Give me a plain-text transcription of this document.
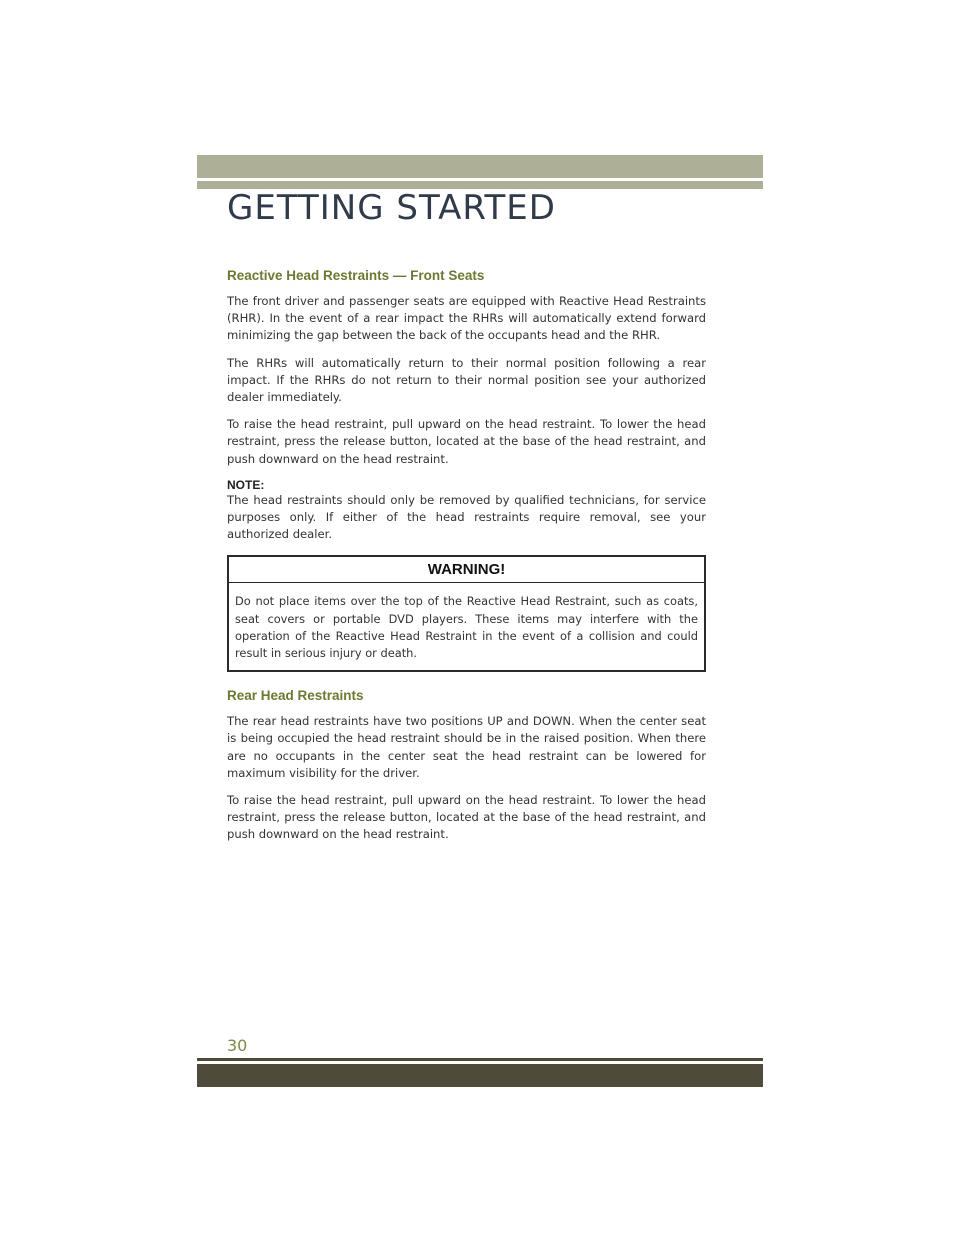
GETTING STARTED
Reactive Head Restraints — Front Seats

The front driver and passenger seats are equipped with Reactive Head Restraints (RHR). In the event of a rear impact the RHRs will automatically extend forward minimizing the gap between the back of the occupants head and the RHR.

The RHRs will automatically return to their normal position following a rear impact. If the RHRs do not return to their normal position see your authorized dealer immediately.

To raise the head restraint, pull upward on the head restraint. To lower the head restraint, press the release button, located at the base of the head restraint, and push downward on the head restraint.

NOTE:

The head restraints should only be removed by qualified technicians, for service purposes only. If either of the head restraints require removal, see your authorized dealer.

WARNING!

Do not place items over the top of the Reactive Head Restraint, such as coats, seat covers or portable DVD players. These items may interfere with the operation of the Reactive Head Restraint in the event of a collision and could result in serious injury or death.

Rear Head Restraints

The rear head restraints have two positions UP and DOWN. When the center seat is being occupied the head restraint should be in the raised position. When there are no occupants in the center seat the head restraint can be lowered for maximum visibility for the driver.

To raise the head restraint, pull upward on the head restraint. To lower the head restraint, press the release button, located at the base of the head restraint, and push downward on the head restraint.

30
